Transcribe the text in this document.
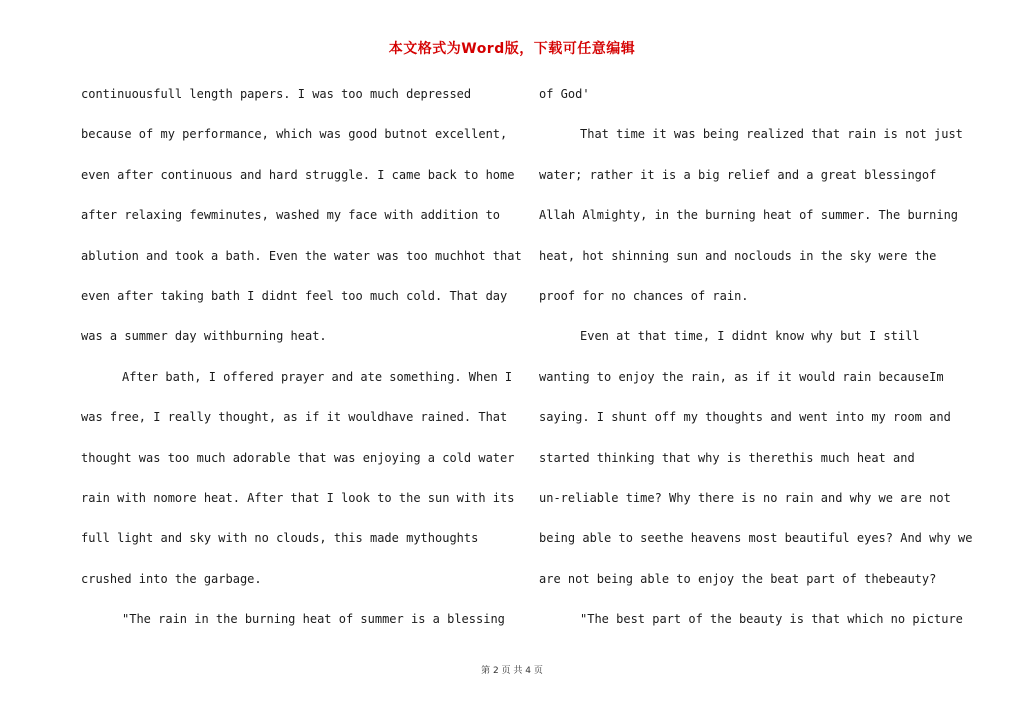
本文格式为Word版，下载可任意编辑
continuousfull length papers. I was too much depressed
because of my performance, which was good butnot excellent,
even after continuous and hard struggle. I came back to home
after relaxing fewminutes, washed my face with addition to
ablution and took a bath. Even the water was too muchhot that
even after taking bath I didnt feel too much cold. That day
was a summer day withburning heat.
After bath, I offered prayer and ate something. When I
was free, I really thought, as if it wouldhave rained. That
thought was too much adorable that was enjoying a cold water
rain with nomore heat. After that I look to the sun with its
full light and sky with no clouds, this made mythoughts
crushed into the garbage.
"The rain in the burning heat of summer is a blessing
of God'
That time it was being realized that rain is not just
water; rather it is a big relief and a great blessingof
Allah Almighty, in the burning heat of summer. The burning
heat, hot shinning sun and noclouds in the sky were the
proof for no chances of rain.
Even at that time, I didnt know why but I still
wanting to enjoy the rain, as if it would rain becauseIm
saying. I shunt off my thoughts and went into my room and
started thinking that why is therethis much heat and
un-reliable time? Why there is no rain and why we are not
being able to seethe heavens most beautiful eyes? And why we
are not being able to enjoy the beat part of thebeauty?
"The best part of the beauty is that which no picture
第 2 页 共 4 页
